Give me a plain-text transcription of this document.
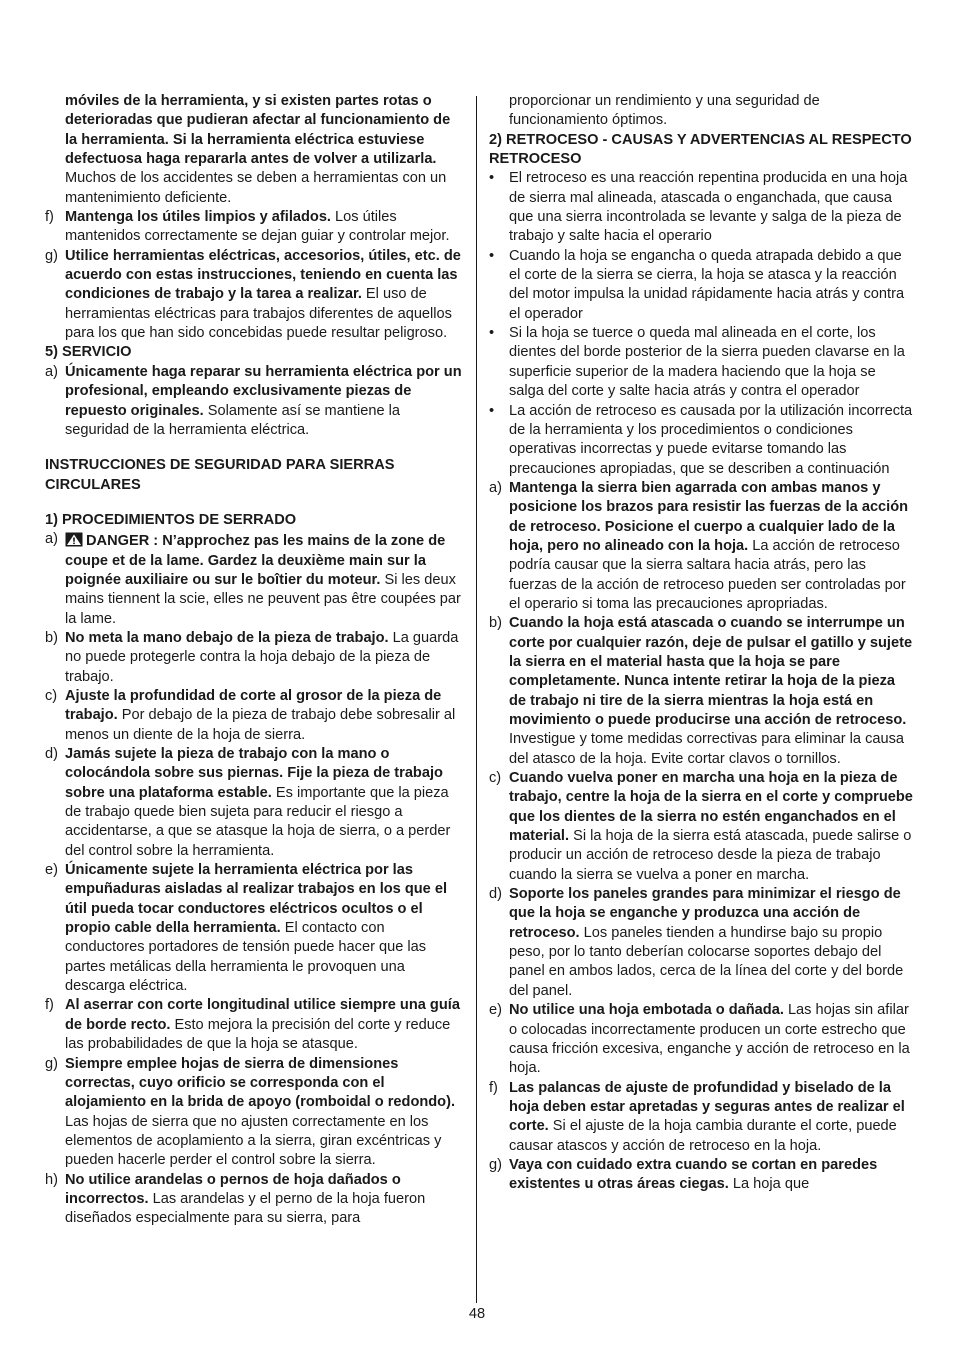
móviles de la herramienta, y si existen partes rotas o deterioradas que pudieran afectar al funcionamiento de la herramienta. Si la herramienta eléctrica estuviese defectuosa haga repararla antes de volver a utilizarla. Muchos de los accidentes se deben a herramientas con un mantenimiento deficiente.
f) Mantenga los útiles limpios y afilados. Los útiles mantenidos correctamente se dejan guiar y controlar mejor.
g) Utilice herramientas eléctricas, accesorios, útiles, etc. de acuerdo con estas instrucciones, teniendo en cuenta las condiciones de trabajo y la tarea a realizar. El uso de herramientas eléctricas para trabajos diferentes de aquellos para los que han sido concebidas puede resultar peligroso.
5) SERVICIO
a) Únicamente haga reparar su herramienta eléctrica por un profesional, empleando exclusivamente piezas de repuesto originales. Solamente así se mantiene la seguridad de la herramienta eléctrica.
INSTRUCCIONES DE SEGURIDAD PARA SIERRAS CIRCULARES
1) PROCEDIMIENTOS DE SERRADO
a) DANGER : N’approchez pas les mains de la zone de coupe et de la lame. Gardez la deuxième main sur la poignée auxiliaire ou sur le boîtier du moteur. Si les deux mains tiennent la scie, elles ne peuvent pas être coupées par la lame.
b) No meta la mano debajo de la pieza de trabajo. La guarda no puede protegerle contra la hoja debajo de la pieza de trabajo.
c) Ajuste la profundidad de corte al grosor de la pieza de trabajo. Por debajo de la pieza de trabajo debe sobresalir al menos un diente de la hoja de sierra.
d) Jamás sujete la pieza de trabajo con la mano o colocándola sobre sus piernas. Fije la pieza de trabajo sobre una plataforma estable. Es importante que la pieza de trabajo quede bien sujeta para reducir el riesgo a accidentarse, a que se atasque la hoja de sierra, o a perder del control sobre la herramienta.
e) Únicamente sujete la herramienta eléctrica por las empuñaduras aisladas al realizar trabajos en los que el útil pueda tocar conductores eléctricos ocultos o el propio cable della herramienta. El contacto con conductores portadores de tensión puede hacer que las partes metálicas della herramienta le provoquen una descarga eléctrica.
f) Al aserrar con corte longitudinal utilice siempre una guía de borde recto. Esto mejora la precisión del corte y reduce las probabilidades de que la hoja se atasque.
g) Siempre emplee hojas de sierra de dimensiones correctas, cuyo orificio se corresponda con el alojamiento en la brida de apoyo (romboidal o redondo). Las hojas de sierra que no ajusten correctamente en los elementos de acoplamiento a la sierra, giran excéntricas y pueden hacerle perder el control sobre la sierra.
h) No utilice arandelas o pernos de hoja dañados o incorrectos. Las arandelas y el perno de la hoja fueron diseñados especialmente para su sierra, para
proporcionar un rendimiento y una seguridad de funcionamiento óptimos.
2) RETROCESO - CAUSAS Y ADVERTENCIAS AL RESPECTO RETROCESO
• El retroceso es una reacción repentina producida en una hoja de sierra mal alineada, atascada o enganchada, que causa que una sierra incontrolada se levante y salga de la pieza de trabajo y salte hacia el operario
• Cuando la hoja se engancha o queda atrapada debido a que el corte de la sierra se cierra, la hoja se atasca y la reacción del motor impulsa la unidad rápidamente hacia atrás y contra el operador
• Si la hoja se tuerce o queda mal alineada en el corte, los dientes del borde posterior de la sierra pueden clavarse en la superficie superior de la madera haciendo que la hoja se salga del corte y salte hacia atrás y contra el operador
• La acción de retroceso es causada por la utilización incorrecta de la herramienta y los procedimientos o condiciones operativas incorrectas y puede evitarse tomando las precauciones apropiadas, que se describen a continuación
a) Mantenga la sierra bien agarrada con ambas manos y posicione los brazos para resistir las fuerzas de la acción de retroceso. Posicione el cuerpo a cualquier lado de la hoja, pero no alineado con la hoja. La acción de retroceso podría causar que la sierra saltara hacia atrás, pero las fuerzas de la acción de retroceso pueden ser controladas por el operario si toma las precauciones apropriadas.
b) Cuando la hoja está atascada o cuando se interrumpe un corte por cualquier razón, deje de pulsar el gatillo y sujete la sierra en el material hasta que la hoja se pare completamente. Nunca intente retirar la hoja de la pieza de trabajo ni tire de la sierra mientras la hoja está en movimiento o puede producirse una acción de retroceso. Investigue y tome medidas correctivas para eliminar la causa del atasco de la hoja. Evite cortar clavos o tornillos.
c) Cuando vuelva poner en marcha una hoja en la pieza de trabajo, centre la hoja de la sierra en el corte y compruebe que los dientes de la sierra no estén enganchados en el material. Si la hoja de la sierra está atascada, puede salirse o producir un acción de retroceso desde la pieza de trabajo cuando la sierra se vuelva a poner en marcha.
d) Soporte los paneles grandes para minimizar el riesgo de que la hoja se enganche y produzca una acción de retroceso. Los paneles tienden a hundirse bajo su propio peso, por lo tanto deberían colocarse soportes debajo del panel en ambos lados, cerca de la línea del corte y del borde del panel.
e) No utilice una hoja embotada o dañada. Las hojas sin afilar o colocadas incorrectamente producen un corte estrecho que causa fricción excesiva, enganche y acción de retroceso en la hoja.
f) Las palancas de ajuste de profundidad y biselado de la hoja deben estar apretadas y seguras antes de realizar el corte. Si el ajuste de la hoja cambia durante el corte, puede causar atascos y acción de retroceso en la hoja.
g) Vaya con cuidado extra cuando se cortan en paredes existentes u otras áreas ciegas. La hoja que
48
